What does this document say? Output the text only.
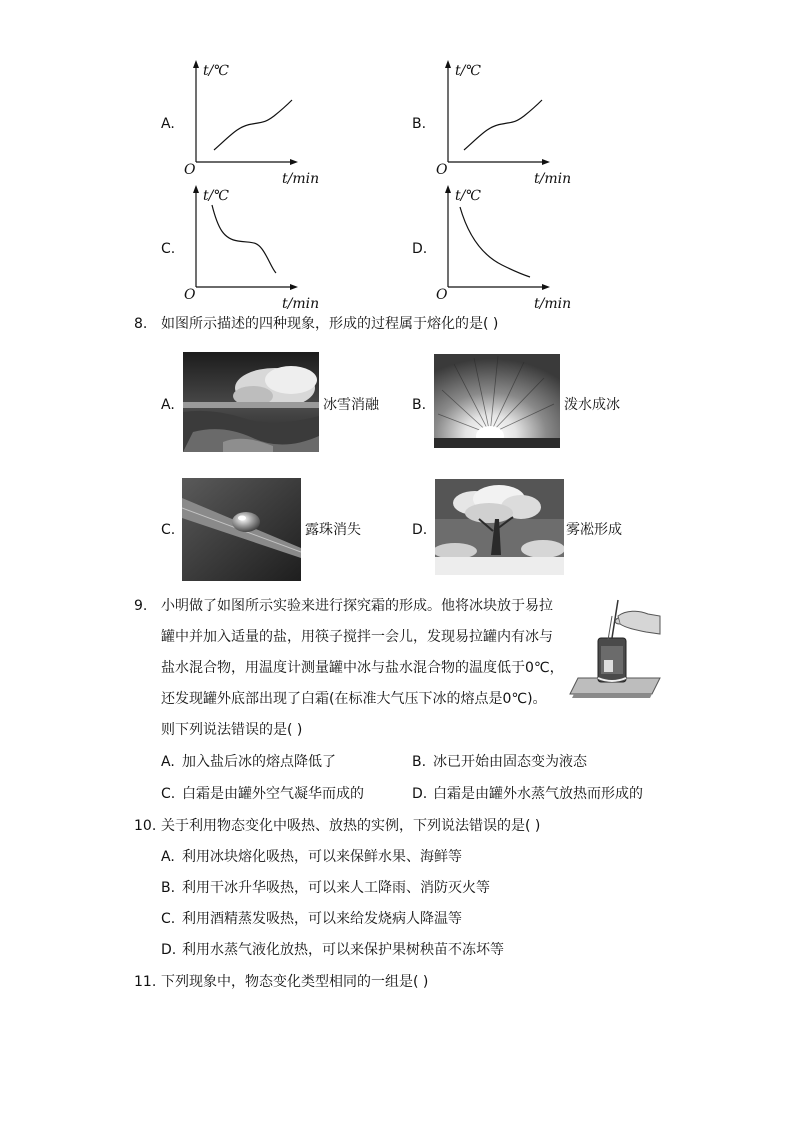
A.
t/℃
O
t/min
B.
t/℃
O
t/min
C.
t/℃
O
t/min
D.
t/℃
O
t/min
8. 如图所示描述的四种现象，形成的过程属于熔化的是( )
A.	冰雪消融 B.	泼水成冰
C.	露珠消失	D.	雾凇形成
9. 小明做了如图所示实验来进行探究霜的形成。他将冰块放于易拉
罐中并加入适量的盐，用筷子搅拌一会儿，发现易拉罐内有冰与
盐水混合物，用温度计测量罐中冰与盐水混合物的温度低于0℃，
还发现罐外底部出现了白霜(在标准大气压下冰的熔点是0℃)。
则下列说法错误的是( )
A. 加入盐后冰的熔点降低了	B. 冰已开始由固态变为液态
C. 白霜是由罐外空气凝华而成的	D. 白霜是由罐外水蒸气放热而形成的
10. 关于利用物态变化中吸热、放热的实例，下列说法错误的是( )
A. 利用冰块熔化吸热，可以来保鲜水果、海鲜等
B. 利用干冰升华吸热，可以来人工降雨、消防灭火等
C. 利用酒精蒸发吸热，可以来给发烧病人降温等
D. 利用水蒸气液化放热，可以来保护果树秧苗不冻坏等
11. 下列现象中，物态变化类型相同的一组是( )
